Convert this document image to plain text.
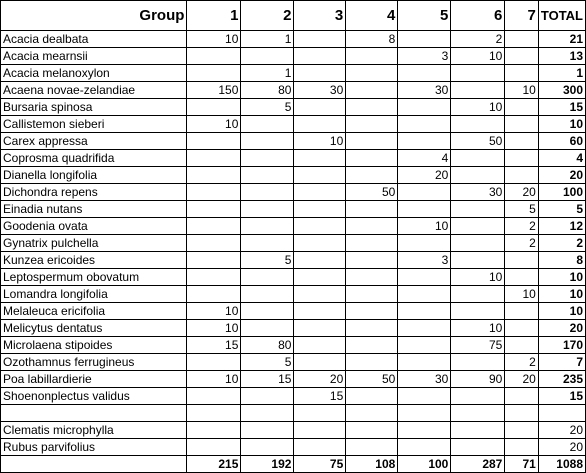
Group	1	2	3	4	5	6	7	TOTAL
Acacia dealbata	10	1		8		2		21
Acacia mearnsii					3	10		13
Acacia melanoxylon		1						1
Acaena novae-zelandiae	150	80	30		30		10	300
Bursaria spinosa		5				10		15
Callistemon sieberi	10							10
Carex appressa			10			50		60
Coprosma quadrifida					4			4
Dianella longifolia					20			20
Dichondra repens				50		30	20	100
Einadia nutans							5	5
Goodenia ovata					10		2	12
Gynatrix pulchella							2	2
Kunzea ericoides		5			3			8
Leptospermum obovatum						10		10
Lomandra longifolia							10	10
Melaleuca ericifolia	10							10
Melicytus dentatus	10					10		20
Microlaena stipoides	15	80				75		170
Ozothamnus ferrugineus		5					2	7
Poa labillardierie	10	15	20	50	30	90	20	235
Shoenonplectus validus			15					15

Clematis microphylla								20
Rubus parvifolius								20
	215	192	75	108	100	287	71	1088
